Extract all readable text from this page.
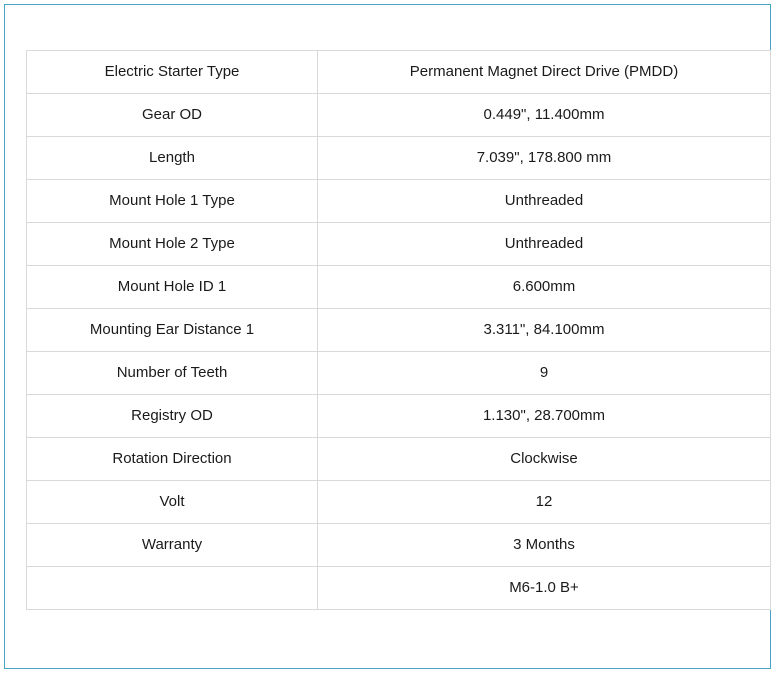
Electric Starter Type	Permanent Magnet Direct Drive (PMDD)
Gear OD	0.449", 11.400mm
Length	7.039", 178.800 mm
Mount Hole 1 Type	Unthreaded
Mount Hole 2 Type	Unthreaded
Mount Hole ID 1	6.600mm
Mounting Ear Distance 1	3.311", 84.100mm
Number of Teeth	9
Registry OD	1.130", 28.700mm
Rotation Direction	Clockwise
Volt	12
Warranty	3 Months
	M6-1.0 B+
